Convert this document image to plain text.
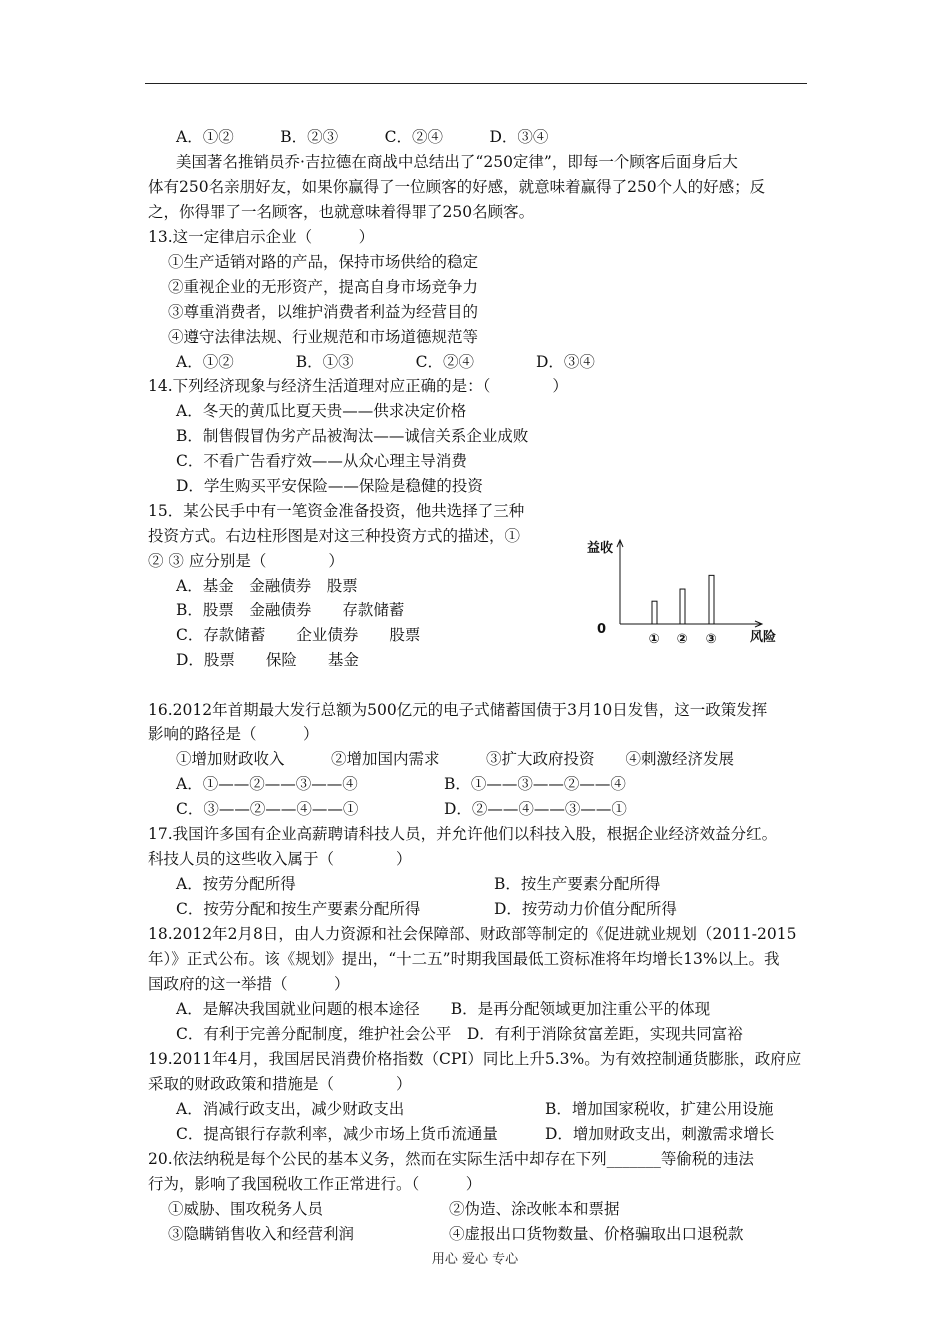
A．①②　　　B．②③　　　C．②④　　　D．③④
美国著名推销员乔·吉拉德在商战中总结出了“250定律”，即每一个顾客后面身后大
体有250名亲朋好友，如果你赢得了一位顾客的好感，就意味着赢得了250个人的好感；反
之，你得罪了一名顾客，也就意味着得罪了250名顾客。
13.这一定律启示企业（　　　）
①生产适销对路的产品，保持市场供给的稳定
②重视企业的无形资产，提高自身市场竞争力
③尊重消费者，以维护消费者利益为经营目的
④遵守法律法规、行业规范和市场道德规范等
A．①②　　　　B．①③　　　　C．②④　　　　D．③④
14.下列经济现象与经济生活道理对应正确的是：（　　　　）
A．冬天的黄瓜比夏天贵——供求决定价格
B．制售假冒伪劣产品被淘汰——诚信关系企业成败
C．不看广告看疗效——从众心理主导消费
D．学生购买平安保险——保险是稳健的投资
15．某公民手中有一笔资金准备投资，他共选择了三种
投资方式。右边柱形图是对这三种投资方式的描述，①
② ③ 应分别是（　　　　）
A．基金　金融债券　股票
B．股票　金融债券　　存款储蓄
C．存款储蓄　　企业债券　　股票
D．股票　　保险　　基金
益收
风险
0
① ② ③
16.2012年首期最大发行总额为500亿元的电子式储蓄国债于3月10日发售，这一政策发挥
影响的路径是（　　　）
①增加财政收入　　　②增加国内需求　　　③扩大政府投资　　④刺激经济发展
A．①——②——③——④	B．①——③——②——④
C．③——②——④——①	D．②——④——③——①
17.我国许多国有企业高薪聘请科技人员，并允许他们以科技入股，根据企业经济效益分红。
科技人员的这些收入属于（　　　　）
A．按劳分配所得	B．按生产要素分配所得
C．按劳分配和按生产要素分配所得	D．按劳动力价值分配所得
18.2012年2月8日，由人力资源和社会保障部、财政部等制定的《促进就业规划（2011-2015
年）》正式公布。该《规划》提出，“十二五”时期我国最低工资标准将年均增长13%以上。我
国政府的这一举措（　　　）
A．是解决我国就业问题的根本途径　　B．是再分配领域更加注重公平的体现
C．有利于完善分配制度，维护社会公平　D．有利于消除贫富差距，实现共同富裕
19.2011年4月，我国居民消费价格指数（CPI）同比上升5.3%。为有效控制通货膨胀，政府应
采取的财政政策和措施是（　　　　）
A．消减行政支出，减少财政支出	B．增加国家税收，扩建公用设施
C．提高银行存款利率，减少市场上货币流通量	D．增加财政支出，刺激需求增长
20.依法纳税是每个公民的基本义务，然而在实际生活中却存在下列_______等偷税的违法
行为，影响了我国税收工作正常进行。（　　　）
①威胁、围攻税务人员	②伪造、涂改帐本和票据
③隐瞒销售收入和经营利润	④虚报出口货物数量、价格骗取出口退税款
用心 爱心 专心
